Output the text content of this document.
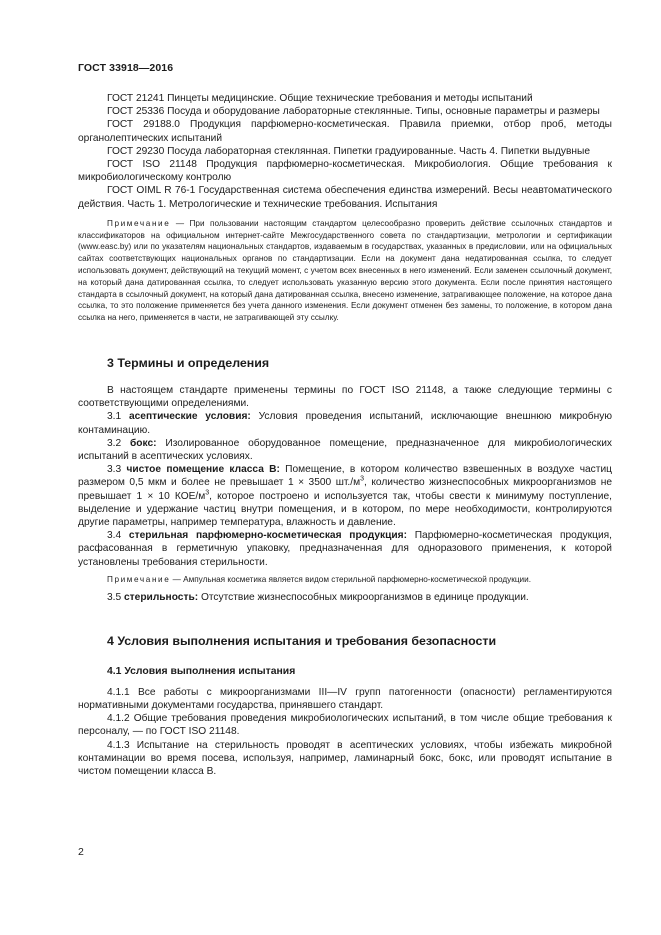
ГОСТ 33918—2016

ГОСТ 21241 Пинцеты медицинские. Общие технические требования и методы испытаний

ГОСТ 25336 Посуда и оборудование лабораторные стеклянные. Типы, основные параметры и размеры

ГОСТ 29188.0 Продукция парфюмерно-косметическая. Правила приемки, отбор проб, методы органолептических испытаний

ГОСТ 29230 Посуда лабораторная стеклянная. Пипетки градуированные. Часть 4. Пипетки выдувные

ГОСТ ISO 21148 Продукция парфюмерно-косметическая. Микробиология. Общие требования к микробиологическому контролю

ГОСТ OIML R 76-1 Государственная система обеспечения единства измерений. Весы неавтоматического действия. Часть 1. Метрологические и технические требования. Испытания

Примечание — При пользовании настоящим стандартом целесообразно проверить действие ссылочных стандартов и классификаторов на официальном интернет-сайте Межгосударственного совета по стандартизации, метрологии и сертификации (www.easc.by) или по указателям национальных стандартов, издаваемым в государствах, указанных в предисловии, или на официальных сайтах соответствующих национальных органов по стандартизации. Если на документ дана недатированная ссылка, то следует использовать документ, действующий на текущий момент, с учетом всех внесенных в него изменений. Если заменен ссылочный документ, на который дана датированная ссылка, то следует использовать указанную версию этого документа. Если после принятия настоящего стандарта в ссылочный документ, на который дана датированная ссылка, внесено изменение, затрагивающее положение, на которое дана ссылка, то это положение применяется без учета данного изменения. Если документ отменен без замены, то положение, в котором дана ссылка на него, применяется в части, не затрагивающей эту ссылку.

3 Термины и определения

В настоящем стандарте применены термины по ГОСТ ISO 21148, а также следующие термины с соответствующими определениями.

3.1 асептические условия: Условия проведения испытаний, исключающие внешнюю микробную контаминацию.

3.2 бокс: Изолированное оборудованное помещение, предназначенное для микробиологических испытаний в асептических условиях.

3.3 чистое помещение класса В: Помещение, в котором количество взвешенных в воздухе частиц размером 0,5 мкм и более не превышает 1 × 3500 $шт./м^3$, количество жизнеспособных микроорганизмов не превышает 1 × 10 КОЕ/$м^3$, которое построено и используется так, чтобы свести к минимуму поступление, выделение и удержание частиц внутри помещения, и в котором, по мере необходимости, контролируются другие параметры, например температура, влажность и давление.

3.4 стерильная парфюмерно-косметическая продукция: Парфюмерно-косметическая продукция, расфасованная в герметичную упаковку, предназначенная для одноразового применения, к которой установлены требования стерильности.

Примечание — Ампульная косметика является видом стерильной парфюмерно-косметической продукции.

3.5 стерильность: Отсутствие жизнеспособных микроорганизмов в единице продукции.

4 Условия выполнения испытания и требования безопасности
4.1 Условия выполнения испытания

4.1.1 Все работы с микроорганизмами III—IV групп патогенности (опасности) регламентируются нормативными документами государства, принявшего стандарт.

4.1.2 Общие требования проведения микробиологических испытаний, в том числе общие требования к персоналу, — по ГОСТ ISO 21148.

4.1.3 Испытание на стерильность проводят в асептических условиях, чтобы избежать микробной контаминации во время посева, используя, например, ламинарный бокс, бокс, или проводят испытание в чистом помещении класса В.

2
